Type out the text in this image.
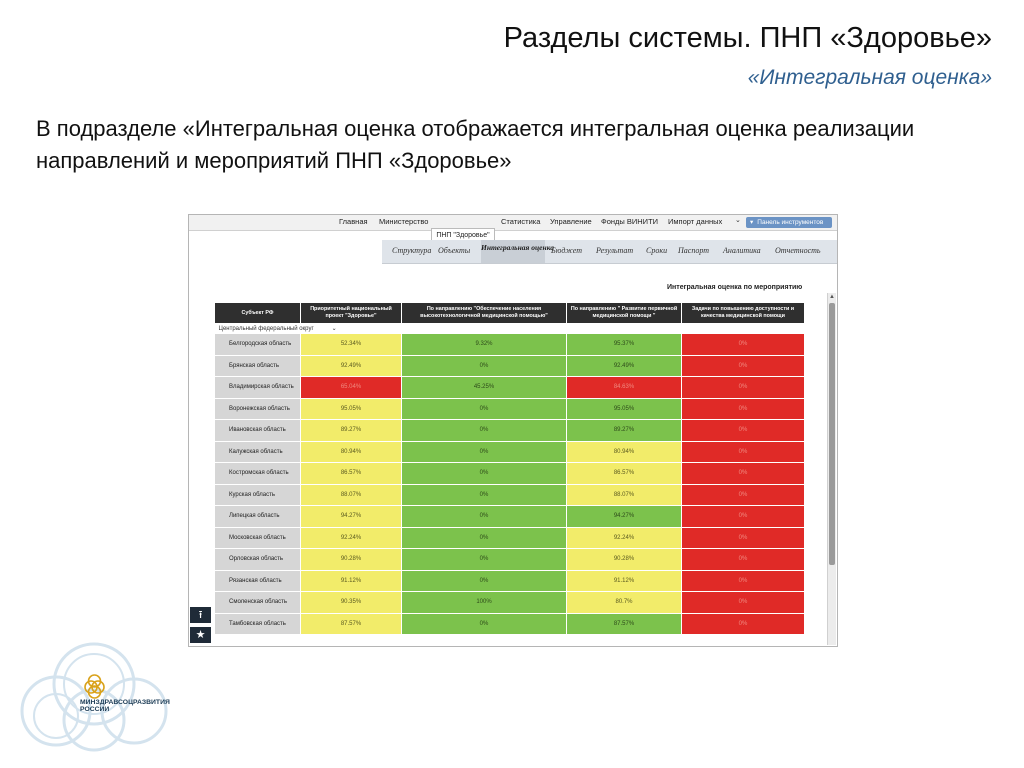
Разделы системы. ПНП «Здоровье»
«Интегральная оценка»
В подразделе «Интегральная оценка отображается интегральная оценка реализации направлений и мероприятий ПНП «Здоровье»
Главная Министерство	Статистика Управление Фонды ВИНИТИ Импорт данных ⌄	▾ Панель инструментов
ПНП "Здоровье"
Структура Объекты Интегральная оценка
Бюджет Результат Сроки Паспорт Аналитика Отчетность
Интегральная оценка по мероприятию
Субъект РФ	Приоритетный национальный проект "Здоровье"	По направлению "Обеспечение населения высокотехнологичной медицинской помощью"	По направлению " Развитие первичной медицинской помощи "	Задачи по повышению доступности и качества медицинской помощи
Центральный федеральный округ ⌄				
Белгородская область	52.34%	9.32%	95.37%	0%
Брянская область	92.49%	0%	92.49%	0%
Владимирская область	65.04%	45.25%	84.63%	0%
Воронежская область	95.05%	0%	95.05%	0%
Ивановская область	89.27%	0%	89.27%	0%
Калужская область	80.94%	0%	80.94%	0%
Костромская область	86.57%	0%	86.57%	0%
Курская область	88.07%	0%	88.07%	0%
Липецкая область	94.27%	0%	94.27%	0%
Московская область	92.24%	0%	92.24%	0%
Орловская область	90.28%	0%	90.28%	0%
Рязанская область	91.12%	0%	91.12%	0%
Смоленская область	90.35%	100%	80.7%	0%
Тамбовская область	87.57%	0%	87.57%	0%
▲
⭱
★
МИНЗДРАВСОЦРАЗВИТИЯ
РОССИИ
